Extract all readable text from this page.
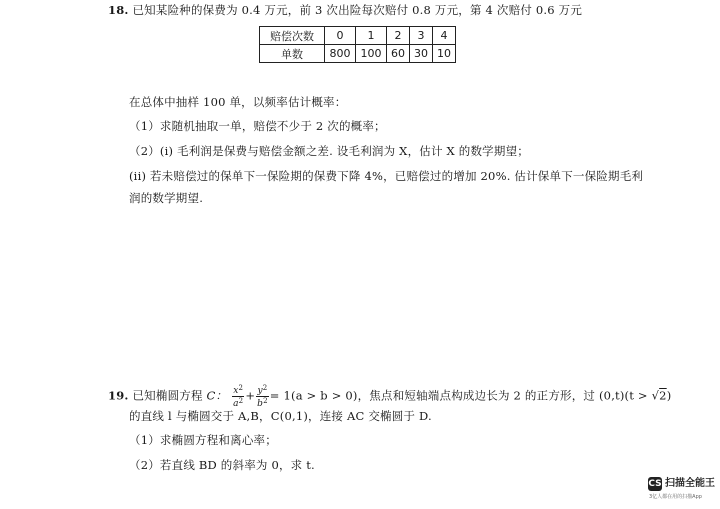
18. 已知某险种的保费为 0.4 万元，前 3 次出险每次赔付 0.8 万元，第 4 次赔付 0.6 万元
赔偿次数	0	1	2	3	4
单数	800	100	60	30	10
在总体中抽样 100 单，以频率估计概率：
（1）求随机抽取一单，赔偿不少于 2 次的概率；
（2）(i) 毛利润是保费与赔偿金额之差. 设毛利润为 X，估计 X 的数学期望；
(ii) 若未赔偿过的保单下一保险期的保费下降 4%，已赔偿过的增加 20%. 估计保单下一保险期毛利
润的数学期望.
19. 已知椭圆方程 C： $\frac{x^2}{a^2} + \frac{y^2}{b^2} = 1(a > b > 0)$，焦点和短轴端点构成边长为 2 的正方形，过 (0,t)(t > √2)
的直线 l 与椭圆交于 A,B，C(0,1)，连接 AC 交椭圆于 D.
（1）求椭圆方程和离心率；
（2）若直线 BD 的斜率为 0，求 t.
CS 扫描全能王
3亿人都在用的扫描App
